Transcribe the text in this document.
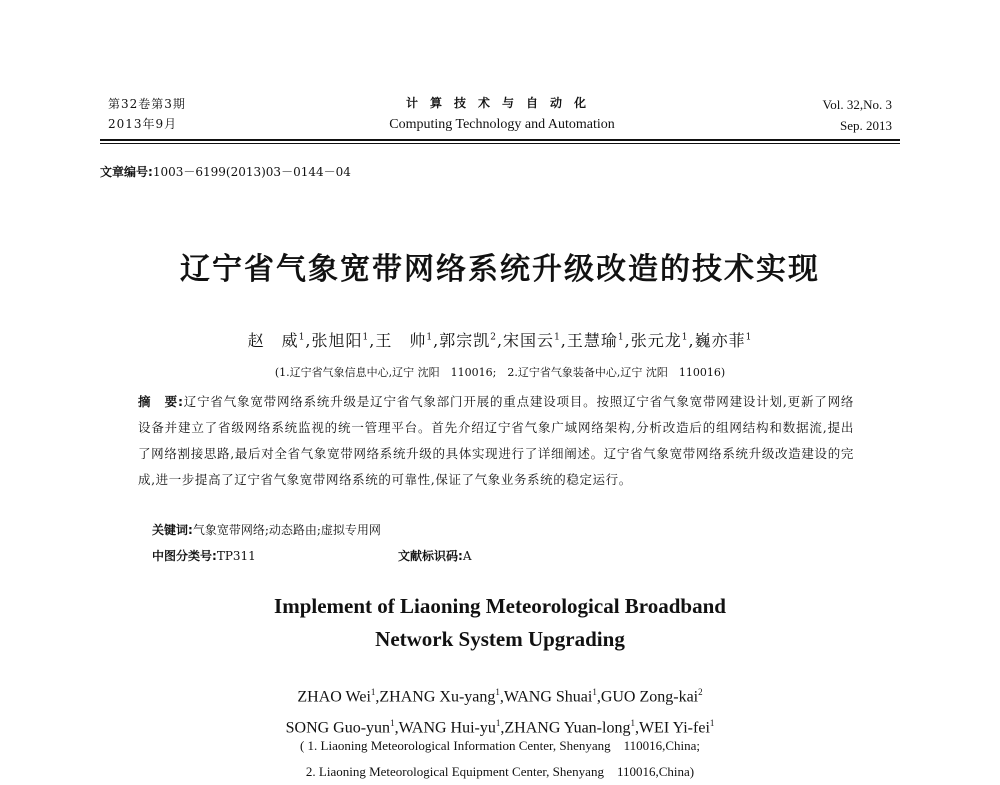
第32卷第3期
2013年9月
计算技术与自动化
Computing Technology and Automation
Vol. 32,No. 3
Sep. 2013
文章编号:1003－6199(2013)03－0144－04
辽宁省气象宽带网络系统升级改造的技术实现
赵　威$^1$,张旭阳$^1$,王　帅$^1$,郭宗凯$^2$,宋国云$^1$,王慧瑜$^1$,张元龙$^1$,巍亦菲$^1$
(1.辽宁省气象信息中心,辽宁 沈阳　110016;　2.辽宁省气象装备中心,辽宁 沈阳　110016)
摘　要:辽宁省气象宽带网络系统升级是辽宁省气象部门开展的重点建设项目。按照辽宁省气象宽带网建设计划,更新了网络设备并建立了省级网络系统监视的统一管理平台。首先介绍辽宁省气象广域网络架构,分析改造后的组网结构和数据流,提出了网络割接思路,最后对全省气象宽带网络系统升级的具体实现进行了详细阐述。辽宁省气象宽带网络系统升级改造建设的完成,进一步提高了辽宁省气象宽带网络系统的可靠性,保证了气象业务系统的稳定运行。
关键词:气象宽带网络;动态路由;虚拟专用网
中图分类号:TP311	文献标识码:A
Implement of Liaoning Meteorological Broadband
Network System Upgrading
ZHAO Wei$^1$,ZHANG Xu-yang$^1$,WANG Shuai$^1$,GUO Zong-kai$^2$
SONG Guo-yun$^1$,WANG Hui-$yu^1,ZHANG$ Yuan-long$^1$,WEI Yi-fei$^1$
( 1. Liaoning Meteorological Information Center, Shenyang　110016,China;
2. Liaoning Meteorological Equipment Center, Shenyang　110016,China)
